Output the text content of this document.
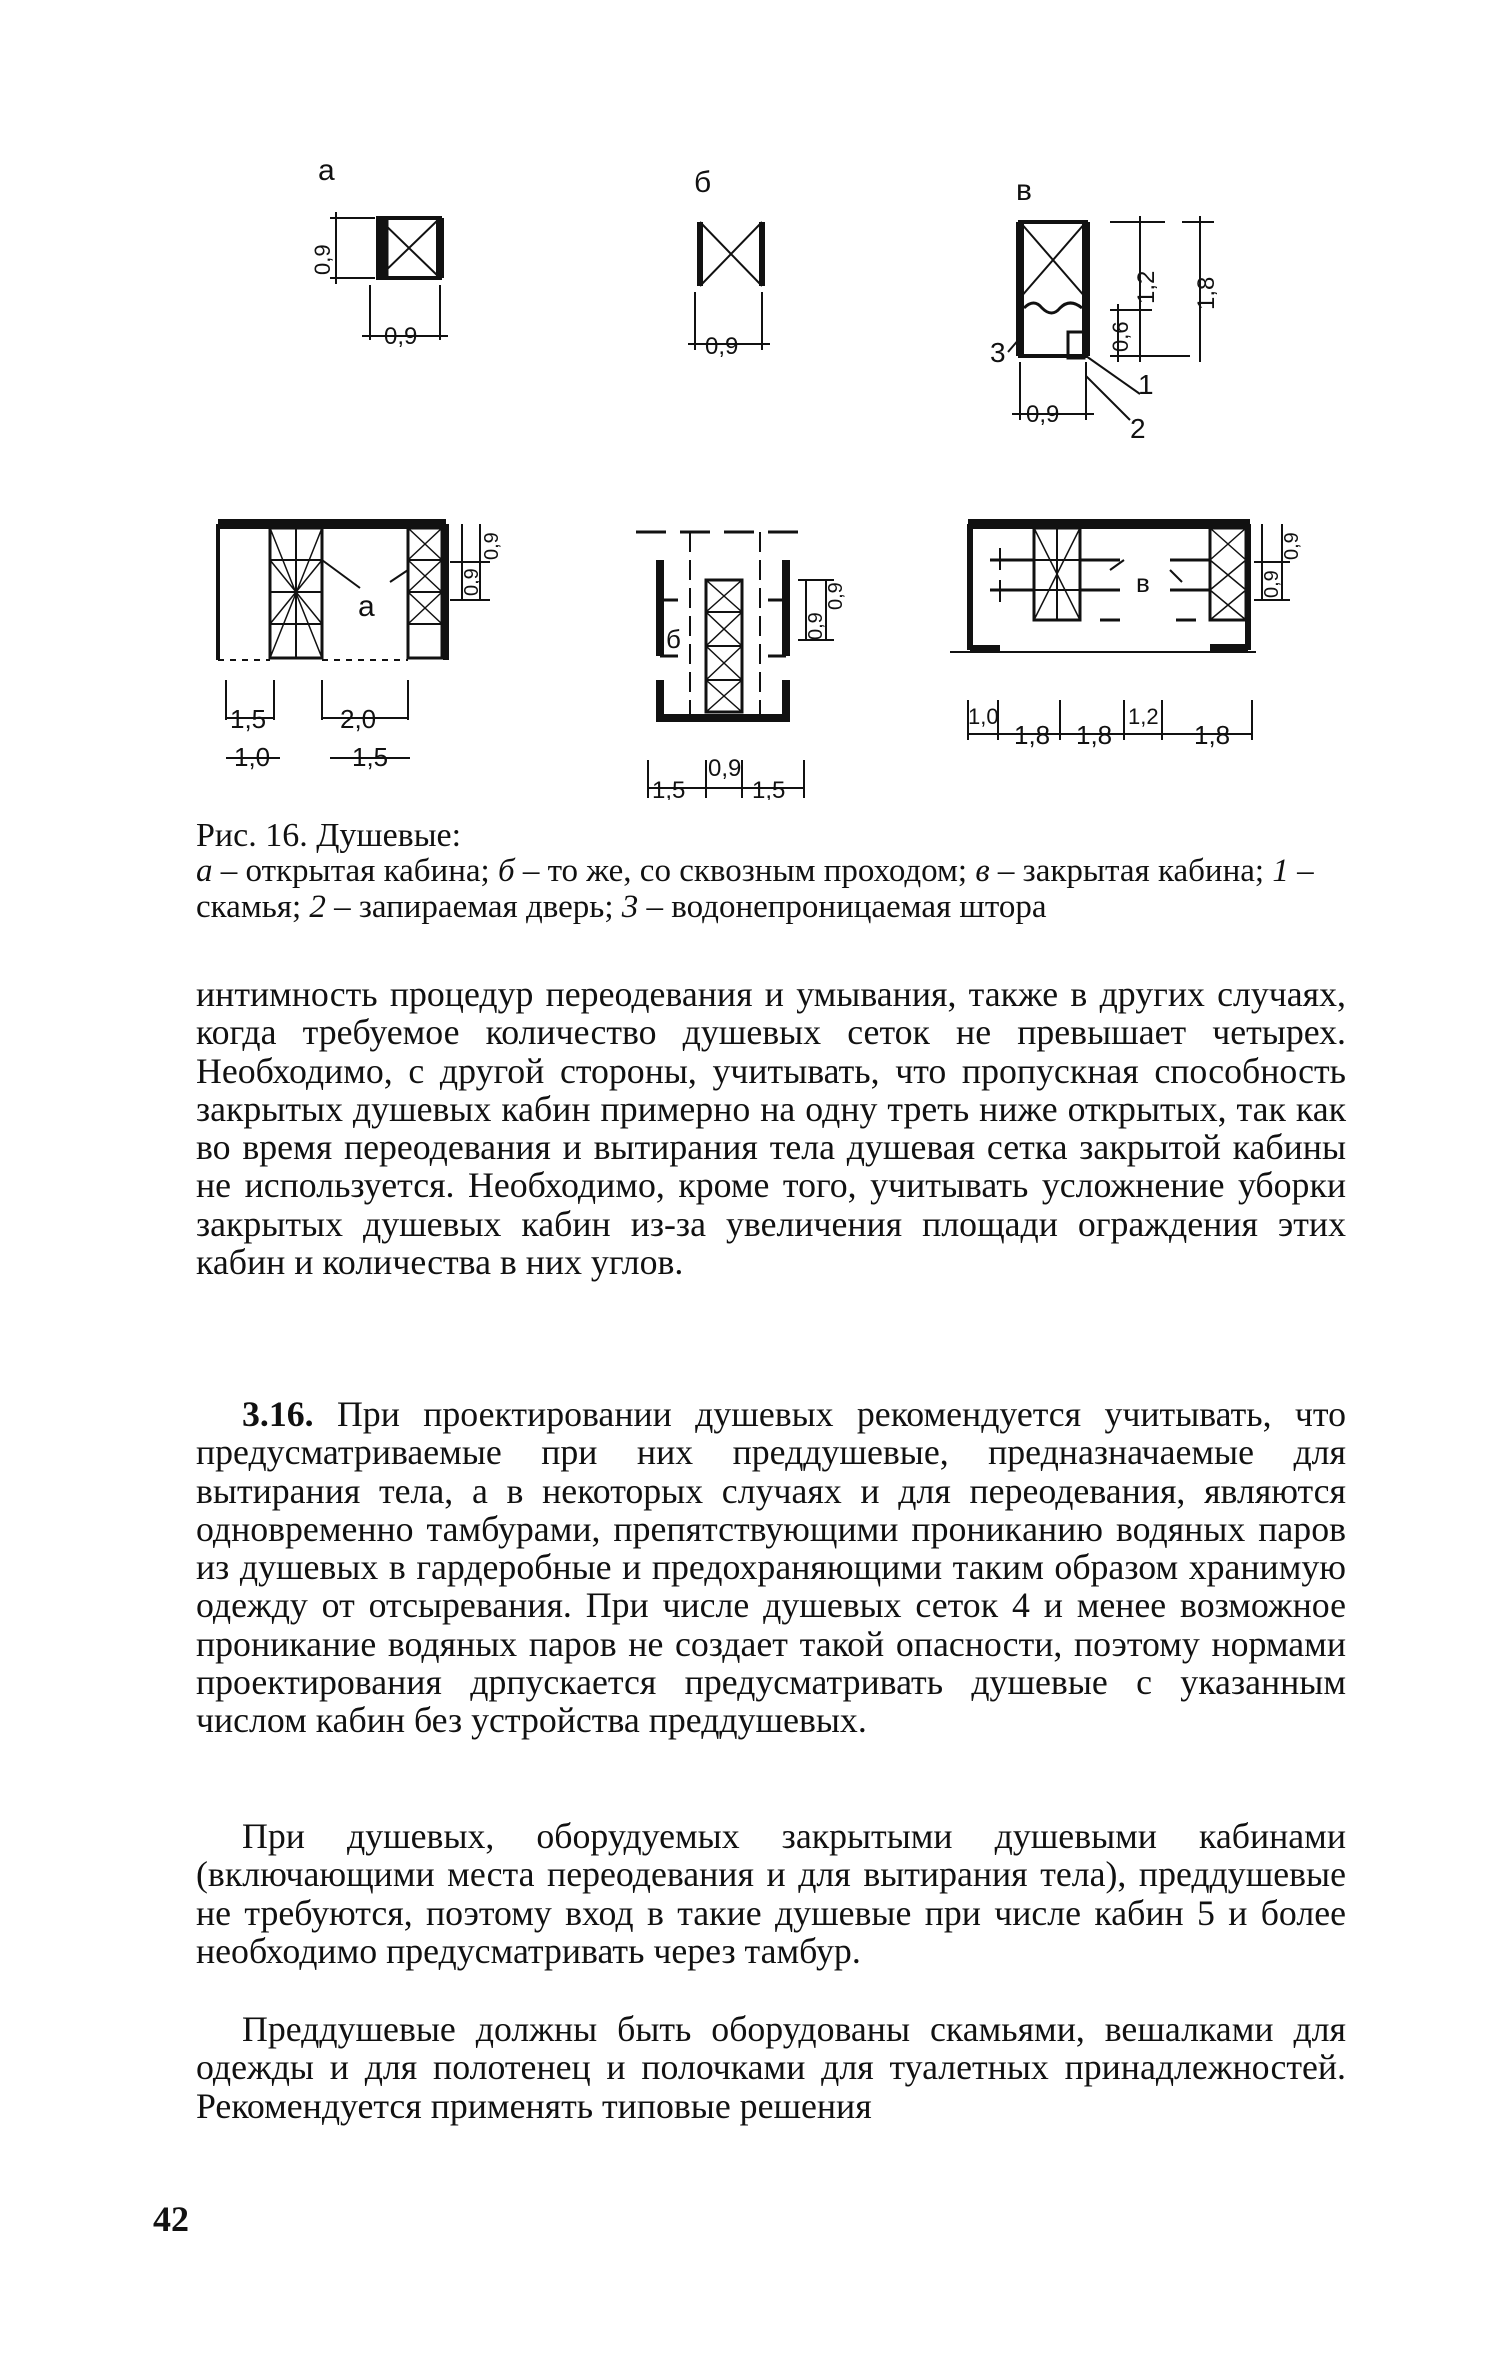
а
0,9
0,9
б
0,9
в
3
1
2
0,9
0,6
1,2 1,8
а
0,9
0,9
1,5	2,0
1,0	1,5
б	0,9
0,9
1,5
0,9
1,5
в	0,9
0,9
1,0
1,8 1,8
1,2
1,8
Рис. 16. Душевые:
а – открытая кабина; б – то же, со сквозным проходом; в – закрытая кабина; 1 – скамья; 2 – запираемая дверь; 3 – водонепроницаемая штора
интимность процедур переодевания и умывания, также в других случаях, когда требуемое количество душевых сеток не превышает четырех. Необходимо, с другой стороны, учитывать, что пропускная способность закрытых душевых кабин примерно на одну треть ниже открытых, так как во время переодевания и вытирания тела душевая сетка закрытой кабины не используется. Необходимо, кроме того, учитывать усложнение уборки закрытых душевых кабин из-за увеличения площади ограждения этих кабин и количества в них углов.
3.16. При проектировании душевых рекомендуется учитывать, что предусматриваемые при них преддушевые, предназначаемые для вытирания тела, а в некоторых случаях и для переодевания, являются одновременно тамбурами, препятствующими проникaнию водяных паров из душевых в гардеробные и предохраняющими таким образом хранимую одежду от отсыревания. При числе душевых сеток 4 и менее возможное проникание водяных паров не создает такой опасности, поэтому нормами проектирования дрпускается предусматривать душевые с указанным числом кабин без устройства преддушевых.
При душевых, оборудуемых закрытыми душевыми кабинами (включающими места переодевания и для вытирания тела), преддушевые не требуются, поэтому вход в такие душевые при числе кабин 5 и более необходимо предусматривать через тамбур.
Преддушевые должны быть оборудованы скамьями, вешалками для одежды и для полотенец и полочками для туалетных принадлежностей. Рекомендуется применять типовые решения
42
